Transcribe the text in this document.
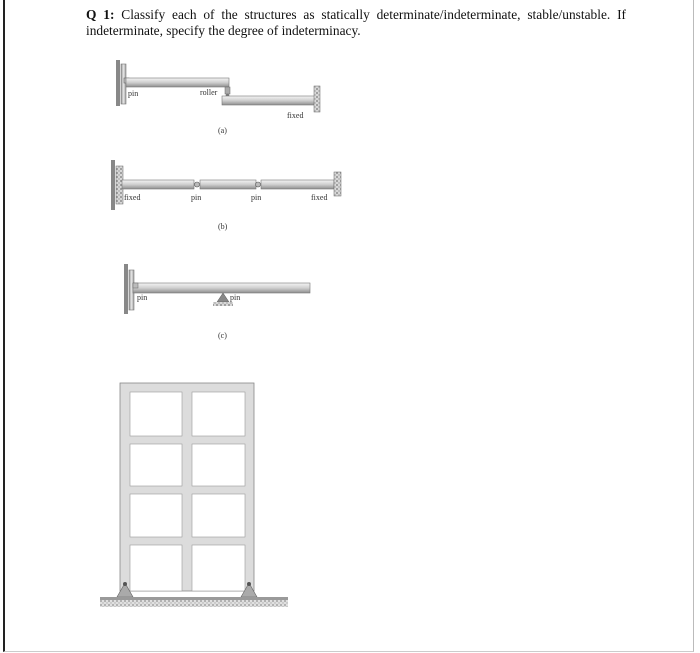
Q 1: Classify each of the structures as statically determinate/indeterminate, stable/unstable. If indeterminate, specify the degree of indeterminacy.
pin	roller
fixed
(a)
fixed	pin	pin	fixed
(b)
pin	pin
(c)
